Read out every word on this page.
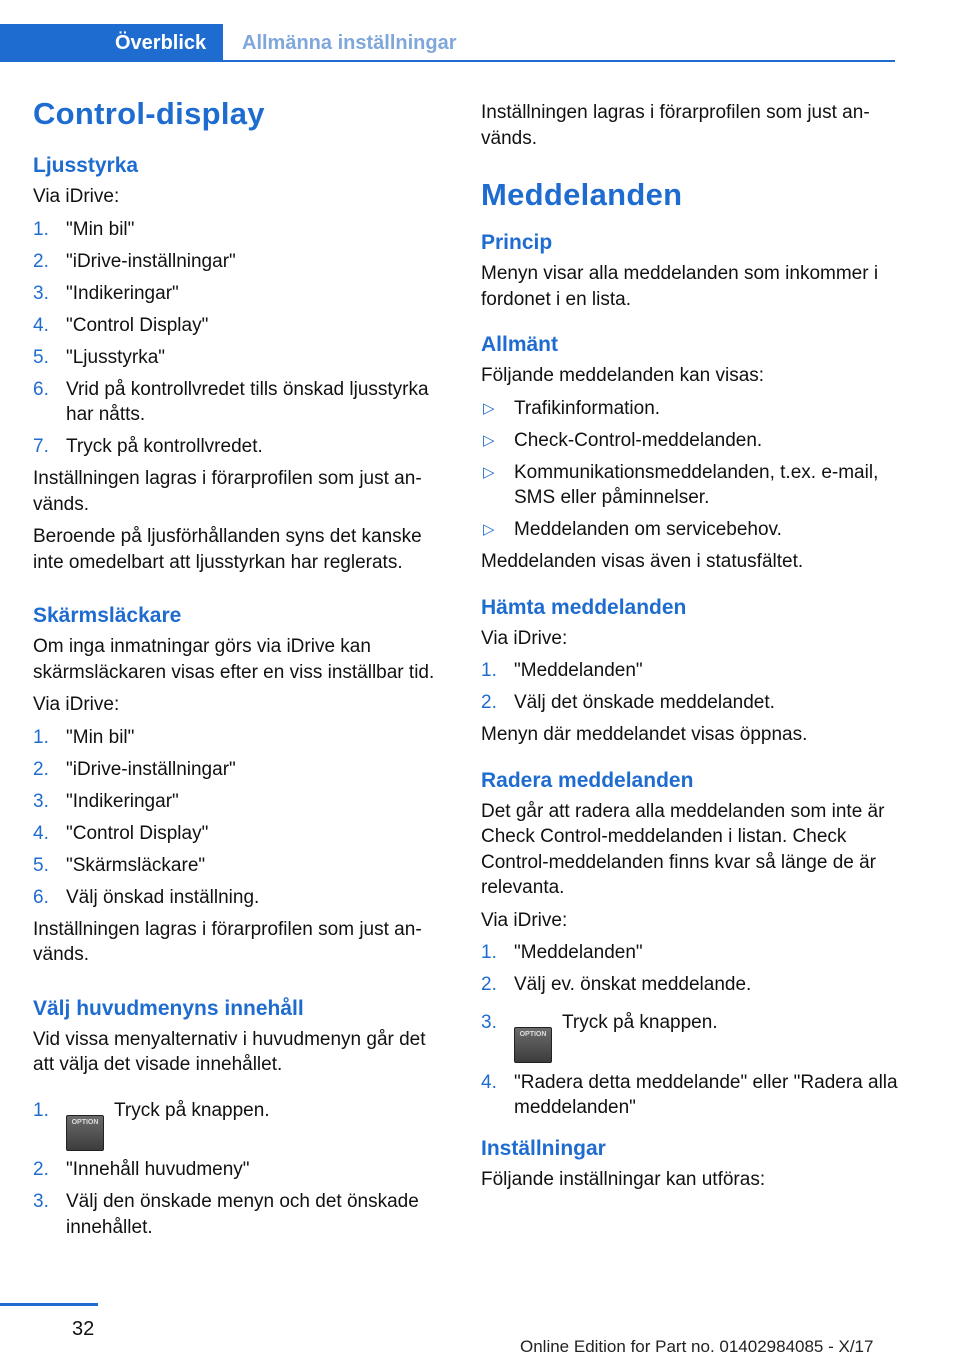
Överblick	Allmänna inställningar
Control-display
Ljusstyrka

Via iDrive:

1. "Min bil"
2. "iDrive-inställningar"
3. "Indikeringar"
4. "Control Display"
5. "Ljusstyrka"
6. Vrid på kontrollvredet tills önskad ljusstyrka har nåtts.
7. Tryck på kontrollvredet.

Inställningen lagras i förarprofilen som just används.

Beroende på ljusförhållanden syns det kanske inte omedelbart att ljusstyrkan har reglerats.

Skärmsläckare

Om inga inmatningar görs via iDrive kan skärmsläckaren visas efter en viss inställbar tid.

Via iDrive:

1. "Min bil"
2. "iDrive-inställningar"
3. "Indikeringar"
4. "Control Display"
5. "Skärmsläckare"
6. Välj önskad inställning.

Inställningen lagras i förarprofilen som just används.

Välj huvudmenyns innehåll

Vid vissa menyalternativ i huvudmenyn går det att välja det visade innehållet.

1.
OPTIONTryck på knappen.
2. "Innehåll huvudmeny"
3. Välj den önskade menyn och det önskade innehållet.

Inställningen lagras i förarprofilen som just används.

Meddelanden
Princip

Menyn visar alla meddelanden som inkommer i fordonet i en lista.

Allmänt

Följande meddelanden kan visas:

▷ Trafikinformation.
▷ Check-Control-meddelanden.
▷ Kommunikationsmeddelanden, t.ex. e-mail, SMS eller påminnelser.
▷ Meddelanden om servicebehov.

Meddelanden visas även i statusfältet.

Hämta meddelanden

Via iDrive:

1. "Meddelanden"
2. Välj det önskade meddelandet.

Menyn där meddelandet visas öppnas.

Radera meddelanden

Det går att radera alla meddelanden som inte är Check Control-meddelanden i listan. Check Control-meddelanden finns kvar så länge de är relevanta.

Via iDrive:

1. "Meddelanden"
2. Välj ev. önskat meddelande.
3.
OPTIONTryck på knappen.
4. "Radera detta meddelande" eller "Radera alla meddelanden"
Inställningar

Följande inställningar kan utföras:

32
Online Edition for Part no. 01402984085 - X/17
